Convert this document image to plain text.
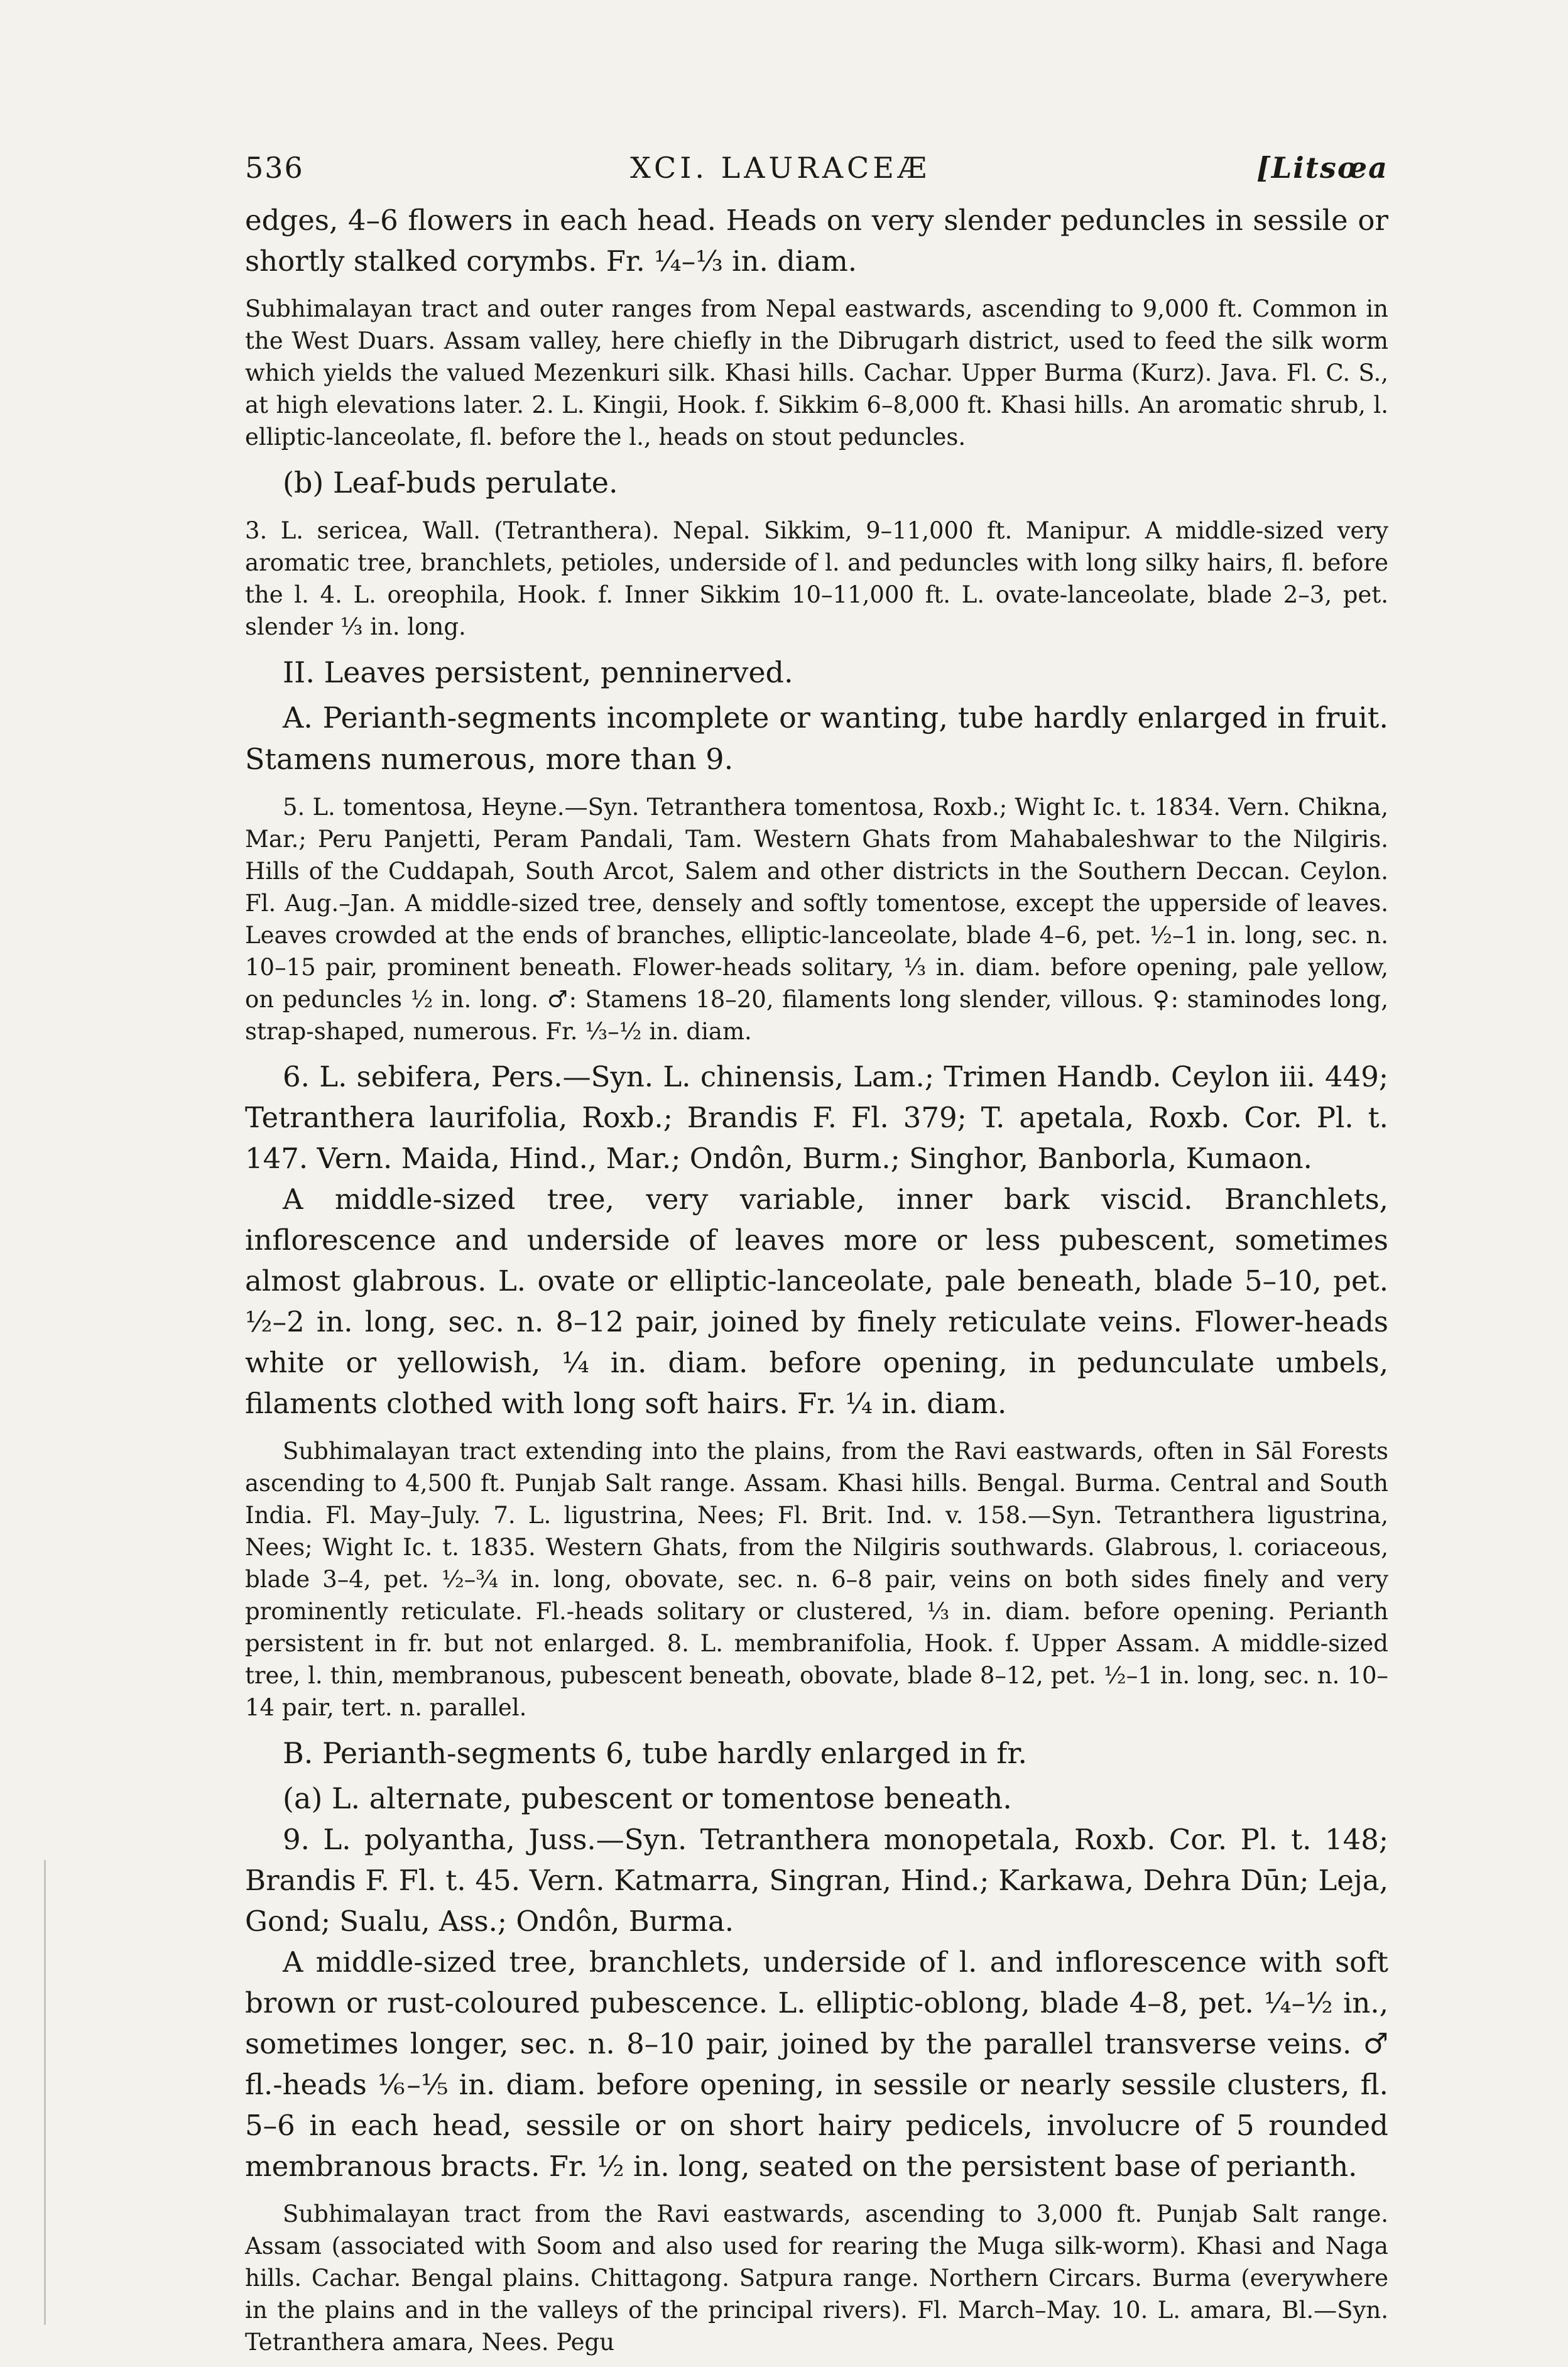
536	XCI. LAURACEÆ	[Litsœa

edges, 4–6 flowers in each head. Heads on very slender peduncles in sessile or shortly stalked corymbs. Fr. ¼–⅓ in. diam.

Subhimalayan tract and outer ranges from Nepal eastwards, ascending to 9,000 ft. Common in the West Duars. Assam valley, here chiefly in the Dibrugarh district, used to feed the silk worm which yields the valued Mezenkuri silk. Khasi hills. Cachar. Upper Burma (Kurz). Java. Fl. C. S., at high elevations later. 2. L. Kingii, Hook. f. Sikkim 6–8,000 ft. Khasi hills. An aromatic shrub, l. elliptic-lanceolate, fl. before the l., heads on stout peduncles.

(b) Leaf-buds perulate.

3. L. sericea, Wall. (Tetranthera). Nepal. Sikkim, 9–11,000 ft. Manipur. A middle-sized very aromatic tree, branchlets, petioles, underside of l. and peduncles with long silky hairs, fl. before the l. 4. L. oreophila, Hook. f. Inner Sikkim 10–11,000 ft. L. ovate-lanceolate, blade 2–3, pet. slender ⅓ in. long.

II. Leaves persistent, penninerved.

A. Perianth-segments incomplete or wanting, tube hardly enlarged in fruit. Stamens numerous, more than 9.

5. L. tomentosa, Heyne.—Syn. Tetranthera tomentosa, Roxb.; Wight Ic. t. 1834. Vern. Chikna, Mar.; Peru Panjetti, Peram Pandali, Tam. Western Ghats from Mahabaleshwar to the Nilgiris. Hills of the Cuddapah, South Arcot, Salem and other districts in the Southern Deccan. Ceylon. Fl. Aug.–Jan. A middle-sized tree, densely and softly tomentose, except the upperside of leaves. Leaves crowded at the ends of branches, elliptic-lanceolate, blade 4–6, pet. ½–1 in. long, sec. n. 10–15 pair, prominent beneath. Flower-heads solitary, ⅓ in. diam. before opening, pale yellow, on peduncles ½ in. long. ♂: Stamens 18–20, filaments long slender, villous. ♀: staminodes long, strap-shaped, numerous. Fr. ⅓–½ in. diam.

6. L. sebifera, Pers.—Syn. L. chinensis, Lam.; Trimen Handb. Ceylon iii. 449; Tetranthera laurifolia, Roxb.; Brandis F. Fl. 379; T. apetala, Roxb. Cor. Pl. t. 147. Vern. Maida, Hind., Mar.; Ondôn, Burm.; Singhor, Banborla, Kumaon.

A middle-sized tree, very variable, inner bark viscid. Branchlets, inflorescence and underside of leaves more or less pubescent, sometimes almost glabrous. L. ovate or elliptic-lanceolate, pale beneath, blade 5–10, pet. ½–2 in. long, sec. n. 8–12 pair, joined by finely reticulate veins. Flower-heads white or yellowish, ¼ in. diam. before opening, in pedunculate umbels, filaments clothed with long soft hairs. Fr. ¼ in. diam.

Subhimalayan tract extending into the plains, from the Ravi eastwards, often in Sāl Forests ascending to 4,500 ft. Punjab Salt range. Assam. Khasi hills. Bengal. Burma. Central and South India. Fl. May–July. 7. L. ligustrina, Nees; Fl. Brit. Ind. v. 158.—Syn. Tetranthera ligustrina, Nees; Wight Ic. t. 1835. Western Ghats, from the Nilgiris southwards. Glabrous, l. coriaceous, blade 3–4, pet. ½–¾ in. long, obovate, sec. n. 6–8 pair, veins on both sides finely and very prominently reticulate. Fl.-heads solitary or clustered, ⅓ in. diam. before opening. Perianth persistent in fr. but not enlarged. 8. L. membranifolia, Hook. f. Upper Assam. A middle-sized tree, l. thin, membranous, pubescent beneath, obovate, blade 8–12, pet. ½–1 in. long, sec. n. 10–14 pair, tert. n. parallel.

B. Perianth-segments 6, tube hardly enlarged in fr.

(a) L. alternate, pubescent or tomentose beneath.

9. L. polyantha, Juss.—Syn. Tetranthera monopetala, Roxb. Cor. Pl. t. 148; Brandis F. Fl. t. 45. Vern. Katmarra, Singran, Hind.; Karkawa, Dehra Dūn; Leja, Gond; Sualu, Ass.; Ondôn, Burma.

A middle-sized tree, branchlets, underside of l. and inflorescence with soft brown or rust-coloured pubescence. L. elliptic-oblong, blade 4–8, pet. ¼–½ in., sometimes longer, sec. n. 8–10 pair, joined by the parallel transverse veins. ♂ fl.-heads ⅙–⅕ in. diam. before opening, in sessile or nearly sessile clusters, fl. 5–6 in each head, sessile or on short hairy pedicels, involucre of 5 rounded membranous bracts. Fr. ½ in. long, seated on the persistent base of perianth.

Subhimalayan tract from the Ravi eastwards, ascending to 3,000 ft. Punjab Salt range. Assam (associated with Soom and also used for rearing the Muga silk-worm). Khasi and Naga hills. Cachar. Bengal plains. Chittagong. Satpura range. Northern Circars. Burma (everywhere in the plains and in the valleys of the principal rivers). Fl. March–May. 10. L. amara, Bl.—Syn. Tetranthera amara, Nees. Pegu
